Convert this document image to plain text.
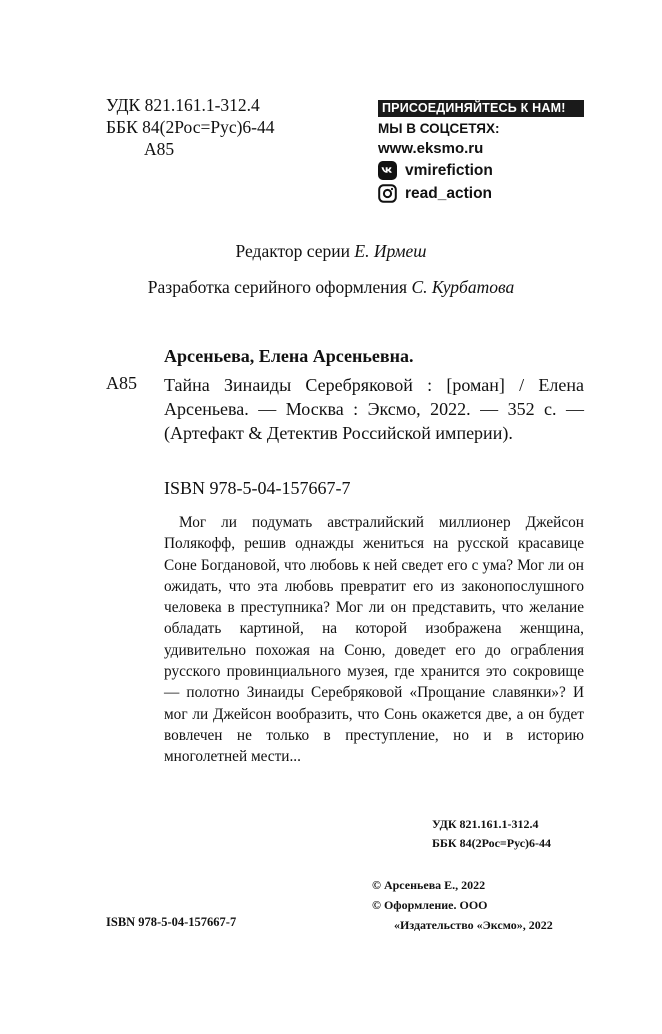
УДК 821.161.1-312.4
ББК 84(2Рос=Рус)6-44
А85
ПРИСОЕДИНЯЙТЕСЬ К НАМ!
МЫ В СОЦСЕТЯХ:
www.eksmo.ru
vmirefiction
read_action
Редактор серии Е. Ирмеш
Разработка серийного оформления С. Курбатова
Арсеньева, Елена Арсеньевна.
А85 Тайна Зинаиды Серебряковой : [роман] / Елена Арсеньева. — Москва : Эксмо, 2022. — 352 с. — (Артефакт & Детектив Российской империи).
ISBN 978-5-04-157667-7
Мог ли подумать австралийский миллионер Джейсон Полякофф, решив однажды жениться на русской красавице Соне Богдановой, что любовь к ней сведет его с ума? Мог ли он ожидать, что эта любовь превратит его из законопослушного человека в преступника? Мог ли он представить, что желание обладать картиной, на которой изображена женщина, удивительно похожая на Соню, доведет его до ограбления русского провинциального музея, где хранится это сокровище — полотно Зинаиды Серебряковой «Прощание славянки»? И мог ли Джейсон вообразить, что Сонь окажется две, а он будет вовлечен не только в преступление, но и в историю многолетней мести...
УДК 821.161.1-312.4
ББК 84(2Рос=Рус)6-44
© Арсеньева Е., 2022
© Оформление. ООО
«Издательство «Эксмо», 2022
ISBN 978-5-04-157667-7
